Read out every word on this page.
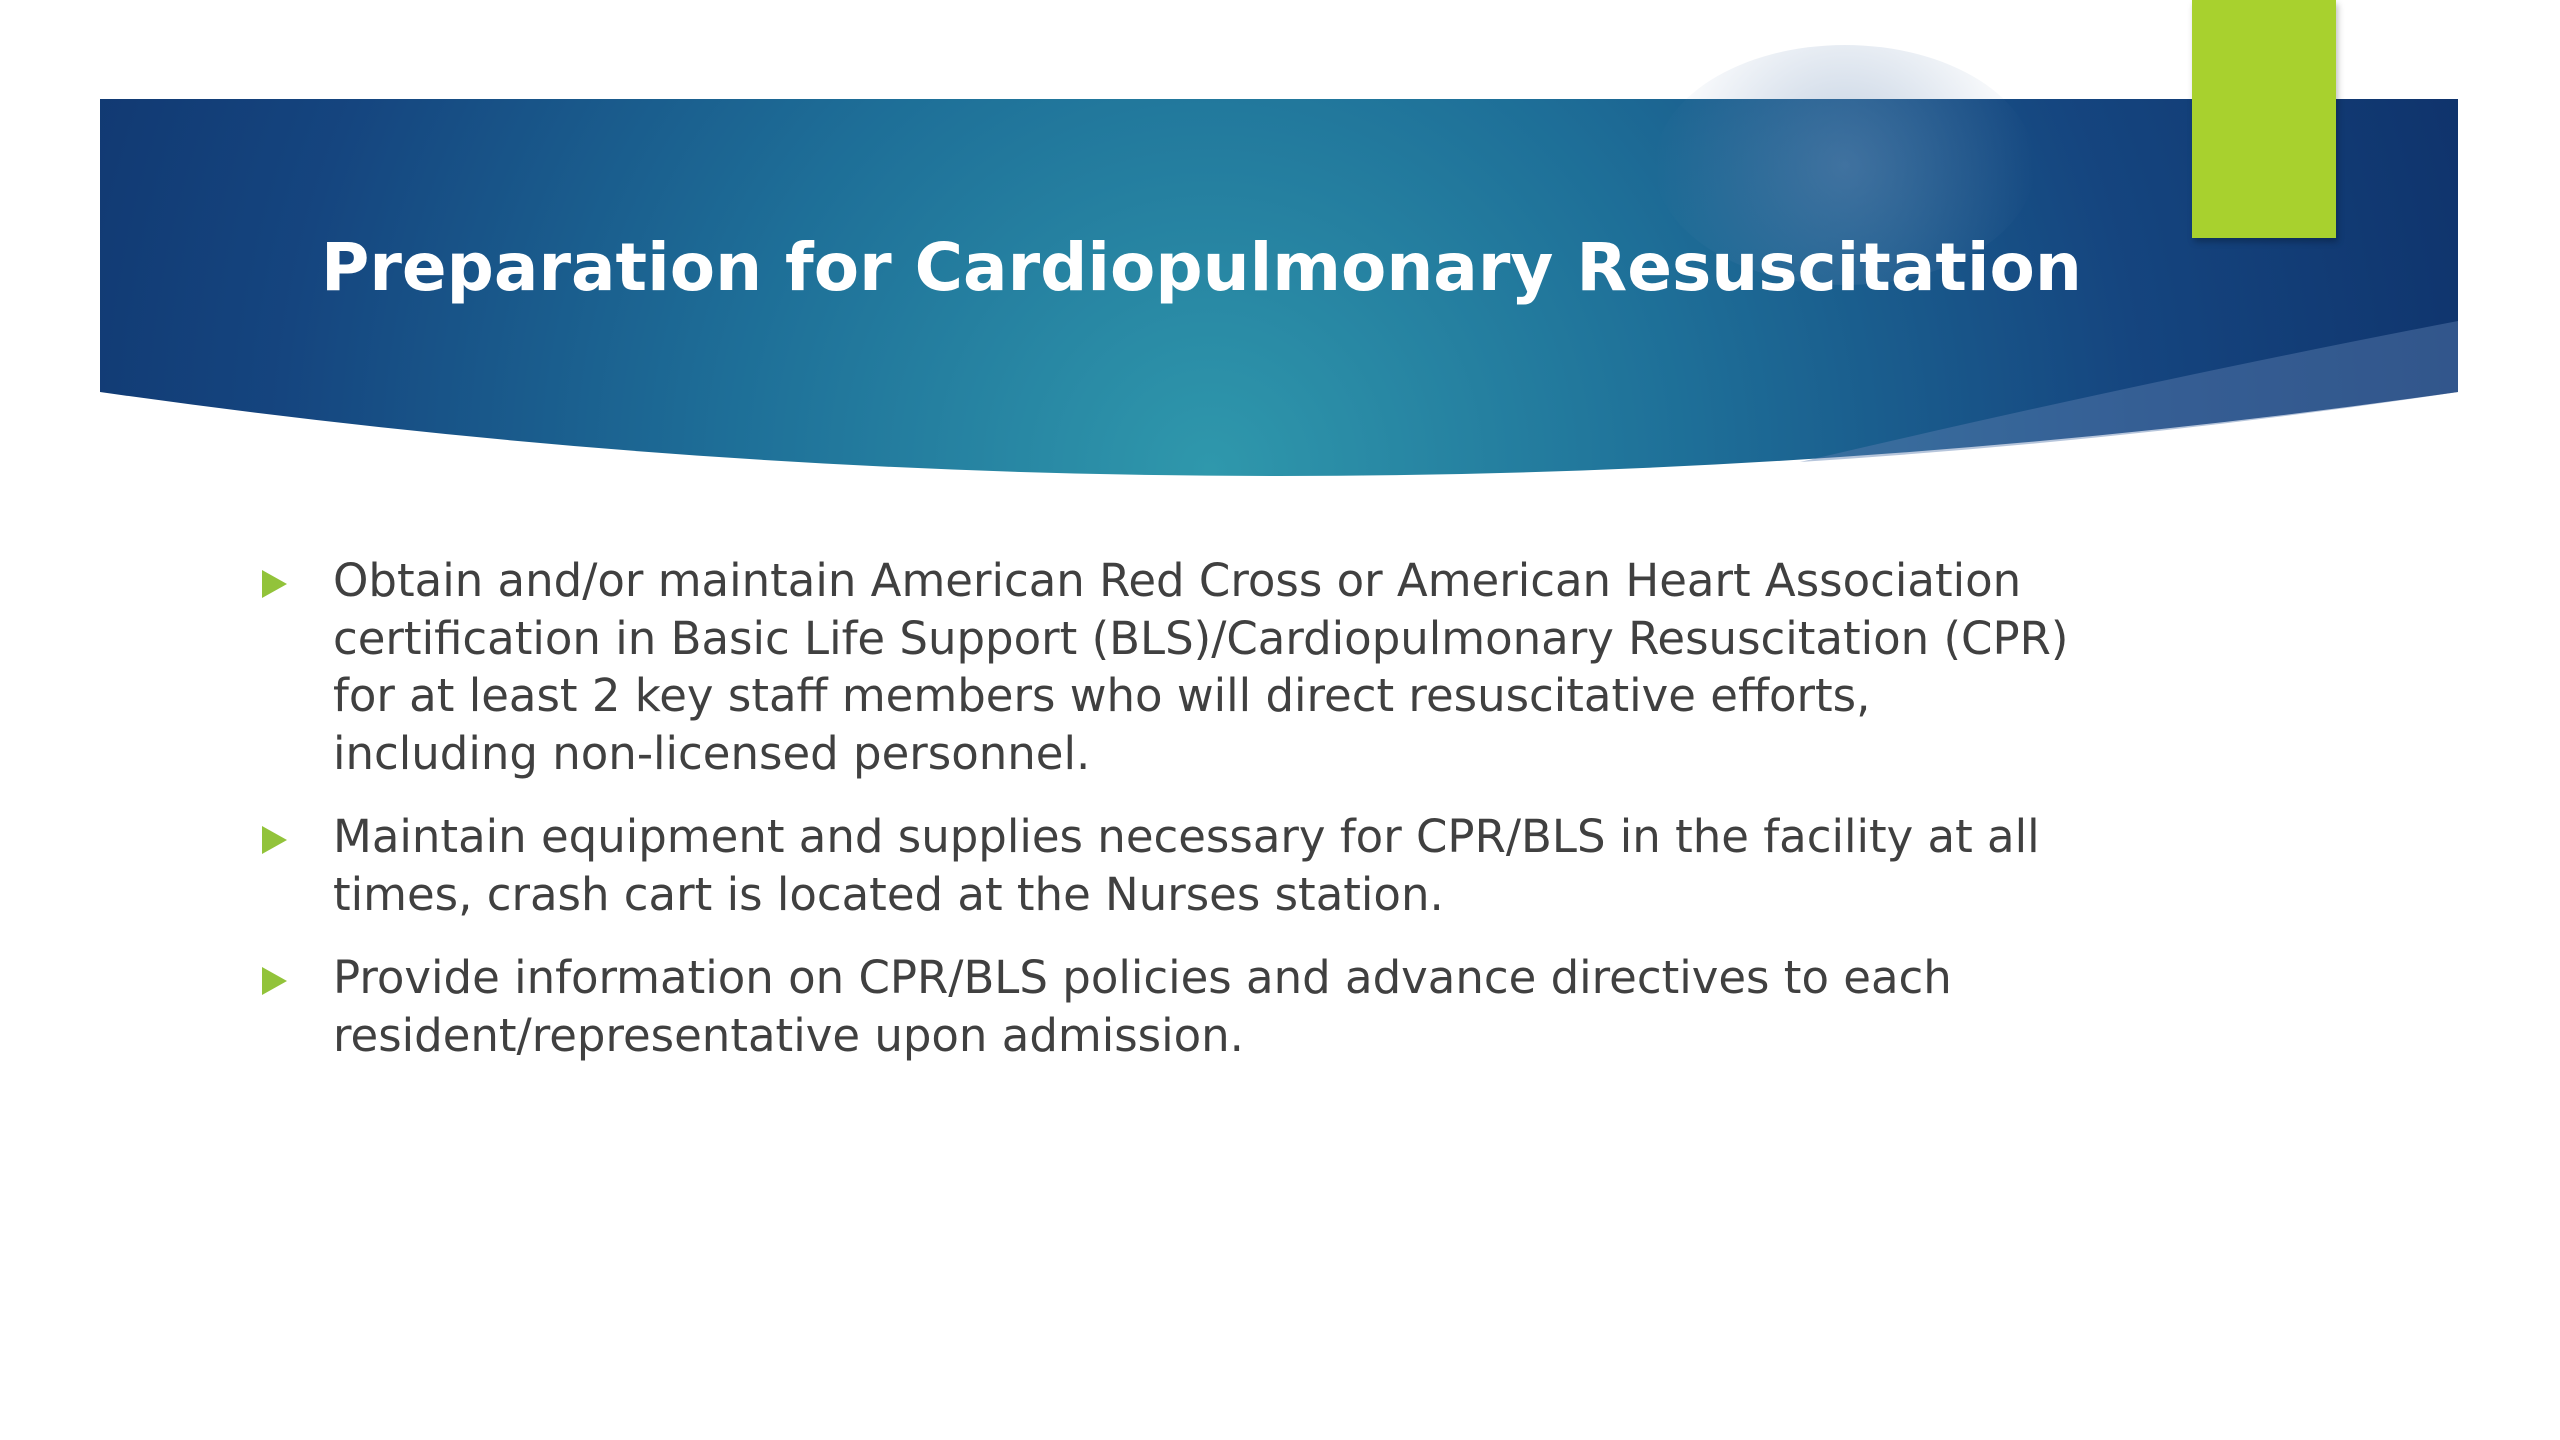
Preparation for Cardiopulmonary Resuscitation
Obtain and/or maintain American Red Cross or American Heart Association certification in Basic Life Support (BLS)/Cardiopulmonary Resuscitation (CPR) for at least 2 key staff members who will direct resuscitative efforts, including non-licensed personnel.
Maintain equipment and supplies necessary for CPR/BLS in the facility at all times, crash cart is located at the Nurses station.
Provide information on CPR/BLS policies and advance directives to each resident/representative upon admission.
